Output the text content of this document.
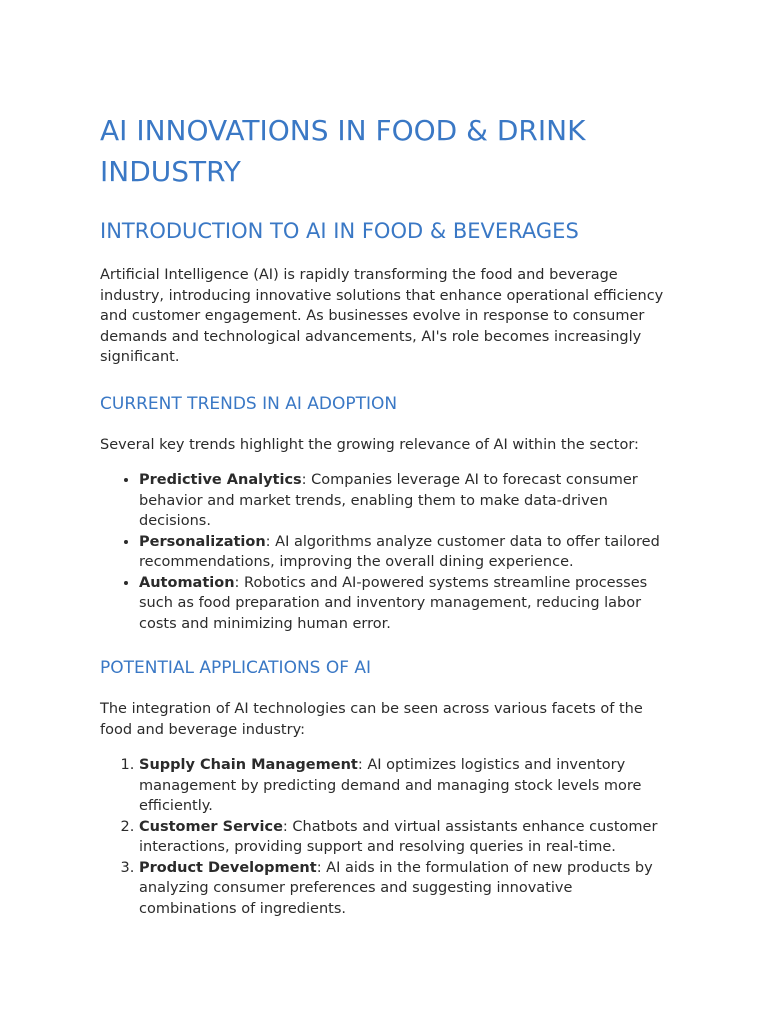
AI INNOVATIONS IN FOOD & DRINK INDUSTRY
INTRODUCTION TO AI IN FOOD & BEVERAGES

Artificial Intelligence (AI) is rapidly transforming the food and beverage industry, introducing innovative solutions that enhance operational efficiency and customer engagement. As businesses evolve in response to consumer demands and technological advancements, AI's role becomes increasingly significant.

CURRENT TRENDS IN AI ADOPTION

Several key trends highlight the growing relevance of AI within the sector:

• Predictive Analytics: Companies leverage AI to forecast consumer behavior and market trends, enabling them to make data-driven decisions.
• Personalization: AI algorithms analyze customer data to offer tailored recommendations, improving the overall dining experience.
• Automation: Robotics and AI-powered systems streamline processes such as food preparation and inventory management, reducing labor costs and minimizing human error.
POTENTIAL APPLICATIONS OF AI

The integration of AI technologies can be seen across various facets of the food and beverage industry:

1. Supply Chain Management: AI optimizes logistics and inventory management by predicting demand and managing stock levels more efficiently.
2. Customer Service: Chatbots and virtual assistants enhance customer interactions, providing support and resolving queries in real-time.
3. Product Development: AI aids in the formulation of new products by analyzing consumer preferences and suggesting innovative combinations of ingredients.
